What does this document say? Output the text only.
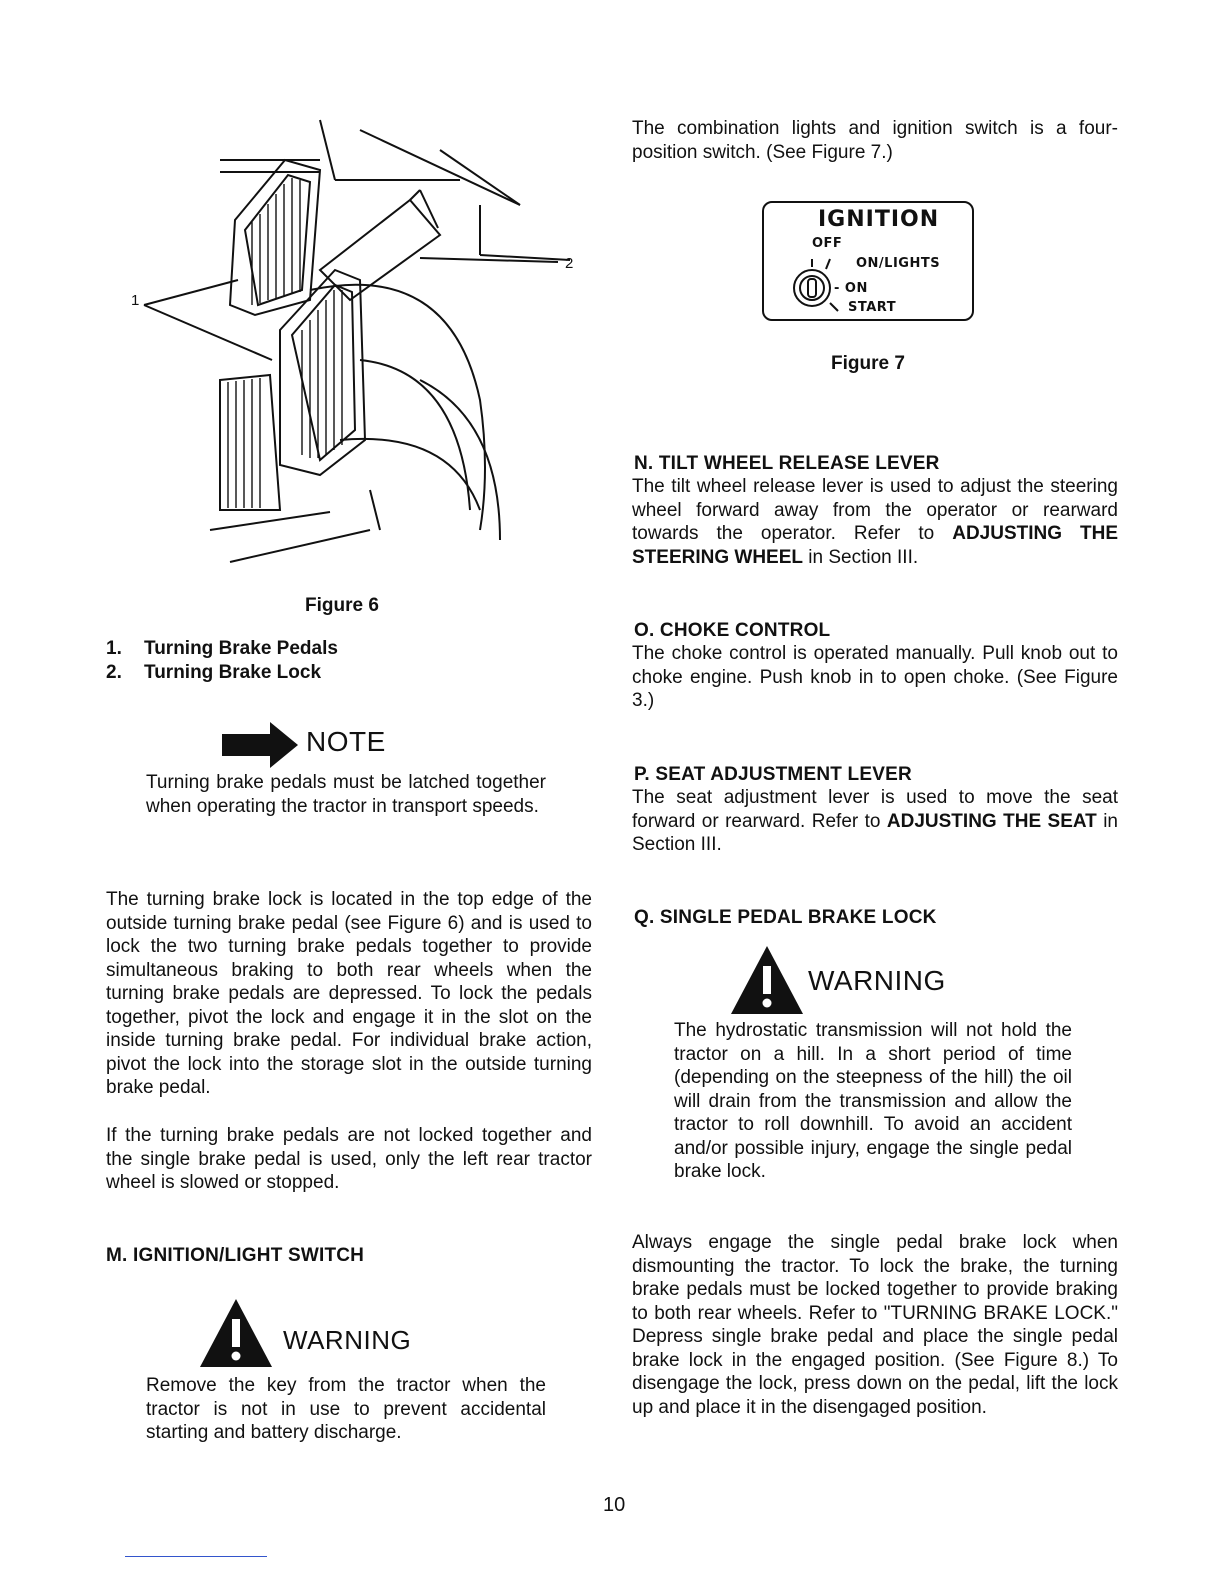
1
2
Figure 6
1. Turning Brake Pedals
2. Turning Brake Lock
NOTE
Turning brake pedals must be latched together when operating the tractor in transport speeds.
The turning brake lock is located in the top edge of the outside turning brake pedal (see Figure 6) and is used to lock the two turning brake pedals together to provide simultaneous braking to both rear wheels when the turning brake pedals are depressed. To lock the pedals together, pivot the lock and engage it in the slot on the inside turning brake pedal. For individual brake action, pivot the lock into the storage slot in the outside turning brake pedal.
If the turning brake pedals are not locked together and the single brake pedal is used, only the left rear tractor wheel is slowed or stopped.
M. IGNITION/LIGHT SWITCH
WARNING
Remove the key from the tractor when the tractor is not in use to prevent accidental starting and battery discharge.
The combination lights and ignition switch is a four-position switch. (See Figure 7.)
IGNITION
OFF
ON/LIGHTS
- ON
START
Figure 7
N. TILT WHEEL RELEASE LEVER
The tilt wheel release lever is used to adjust the steering wheel forward away from the operator or rearward towards the operator. Refer to ADJUSTING THE STEERING WHEEL in Section III.
O. CHOKE CONTROL
The choke control is operated manually. Pull knob out to choke engine. Push knob in to open choke. (See Figure 3.)
P. SEAT ADJUSTMENT LEVER
The seat adjustment lever is used to move the seat forward or rearward. Refer to ADJUSTING THE SEAT in Section III.
Q. SINGLE PEDAL BRAKE LOCK
WARNING
The hydrostatic transmission will not hold the tractor on a hill. In a short period of time (depending on the steepness of the hill) the oil will drain from the transmission and allow the tractor to roll downhill. To avoid an accident and/or possible injury, engage the single pedal brake lock.
Always engage the single pedal brake lock when dismounting the tractor. To lock the brake, the turning brake pedals must be locked together to provide braking to both rear wheels. Refer to "TURNING BRAKE LOCK." Depress single brake pedal and place the single pedal brake lock in the engaged position. (See Figure 8.) To disengage the lock, press down on the pedal, lift the lock up and place it in the disengaged position.
10
